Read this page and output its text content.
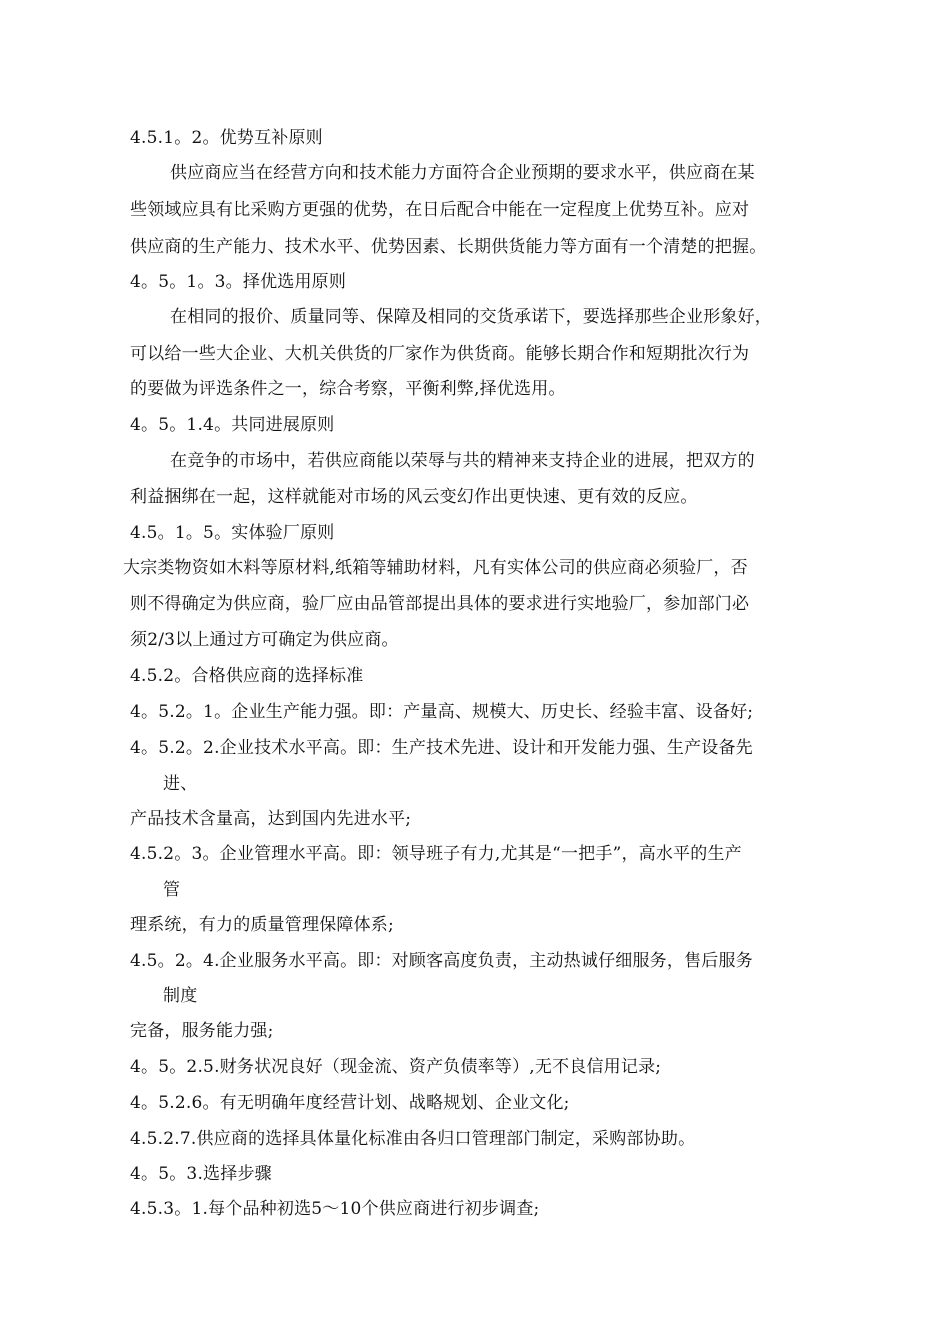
4.5.1。2。优势互补原则
供应商应当在经营方向和技术能力方面符合企业预期的要求水平，供应商在某
些领域应具有比采购方更强的优势，在日后配合中能在一定程度上优势互补。应对
供应商的生产能力、技术水平、优势因素、长期供货能力等方面有一个清楚的把握。
4。5。1。3。择优选用原则
在相同的报价、质量同等、保障及相同的交货承诺下，要选择那些企业形象好，
可以给一些大企业、大机关供货的厂家作为供货商。能够长期合作和短期批次行为
的要做为评选条件之一，综合考察，平衡利弊,择优选用。
4。5。1.4。共同进展原则
在竞争的市场中，若供应商能以荣辱与共的精神来支持企业的进展，把双方的
利益捆绑在一起，这样就能对市场的风云变幻作出更快速、更有效的反应。
4.5。1。5。实体验厂原则
大宗类物资如木料等原材料,纸箱等辅助材料，凡有实体公司的供应商必须验厂，否
则不得确定为供应商，验厂应由品管部提出具体的要求进行实地验厂，参加部门必
须2/3以上通过方可确定为供应商。
4.5.2。合格供应商的选择标准
4。5.2。1。企业生产能力强。即：产量高、规模大、历史长、经验丰富、设备好;
4。5.2。2.企业技术水平高。即：生产技术先进、设计和开发能力强、生产设备先
进、
产品技术含量高，达到国内先进水平;
4.5.2。3。企业管理水平高。即：领导班子有力,尤其是“一把手”，高水平的生产
管
理系统，有力的质量管理保障体系;
4.5。2。4.企业服务水平高。即：对顾客高度负责，主动热诚仔细服务，售后服务
制度
完备，服务能力强;
4。5。2.5.财务状况良好（现金流、资产负债率等）,无不良信用记录;
4。5.2.6。有无明确年度经营计划、战略规划、企业文化;
4.5.2.7.供应商的选择具体量化标准由各归口管理部门制定，采购部协助。
4。5。3.选择步骤
4.5.3。1.每个品种初选5～10个供应商进行初步调查;
